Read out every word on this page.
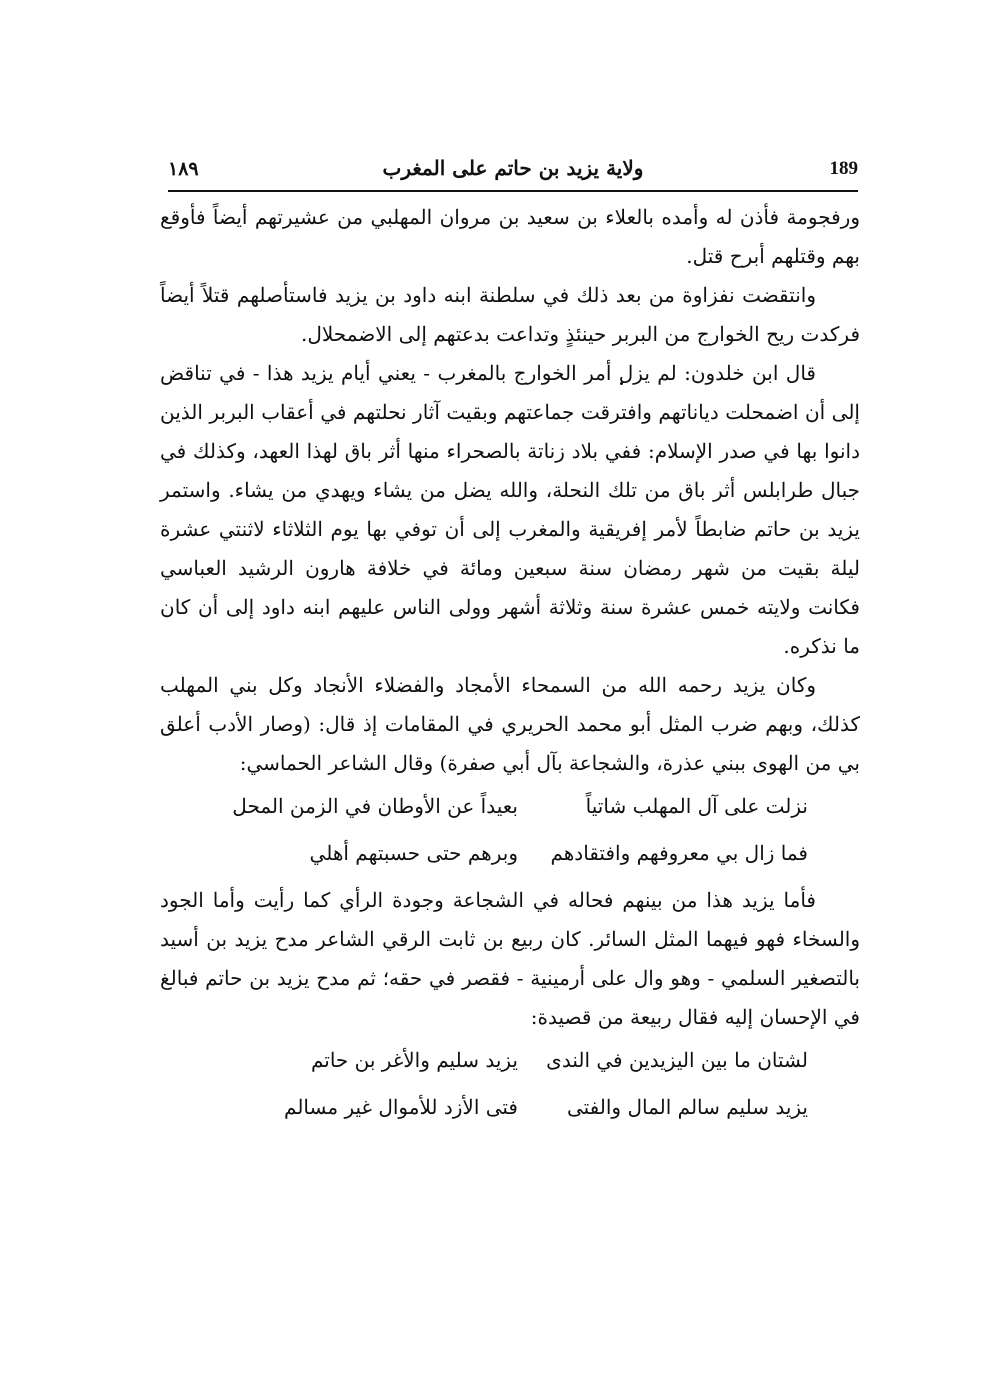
189
ولاية يزيد بن حاتم على المغرب
١٨٩

ورفجومة فأذن له وأمده بالعلاء بن سعيد بن مروان المهلبي من عشيرتهم أيضاً فأوقع بهم وقتلهم أبرح قتل.

وانتقضت نفزاوة من بعد ذلك في سلطنة ابنه داود بن يزيد فاستأصلهم قتلاً أيضاً فركدت ريح الخوارج من البربر حينئذٍ وتداعت بدعتهم إلى الاضمحلال.

قال ابن خلدون: لم يزل أمر الخوارج بالمغرب - يعني أيام يزيد هذا - في تناقض إلى أن اضمحلت دياناتهم وافترقت جماعتهم وبقيت آثار نحلتهم في أعقاب البربر الذين دانوا بها في صدر الإسلام: ففي بلاد زناتة بالصحراء منها أثر باق لهذا العهد، وكذلك في جبال طرابلس أثر باق من تلك النحلة، والله يضل من يشاء ويهدي من يشاء. واستمر يزيد بن حاتم ضابطاً لأمر إفريقية والمغرب إلى أن توفي بها يوم الثلاثاء لاثنتي عشرة ليلة بقيت من شهر رمضان سنة سبعين ومائة في خلافة هارون الرشيد العباسي فكانت ولايته خمس عشرة سنة وثلاثة أشهر وولى الناس عليهم ابنه داود إلى أن كان ما نذكره.

وكان يزيد رحمه الله من السمحاء الأمجاد والفضلاء الأنجاد وكل بني المهلب كذلك، وبهم ضرب المثل أبو محمد الحريري في المقامات إذ قال: (وصار الأدب أعلق بي من الهوى ببني عذرة، والشجاعة بآل أبي صفرة) وقال الشاعر الحماسي:

نزلت على آل المهلب شاتياً
بعيداً عن الأوطان في الزمن المحل
فما زال بي معروفهم وافتقادهم
وبرهم حتى حسبتهم أهلي

فأما يزيد هذا من بينهم فحاله في الشجاعة وجودة الرأي كما رأيت وأما الجود والسخاء فهو فيهما المثل السائر. كان ربيع بن ثابت الرقي الشاعر مدح يزيد بن أسيد بالتصغير السلمي - وهو وال على أرمينية - فقصر في حقه؛ ثم مدح يزيد بن حاتم فبالغ في الإحسان إليه فقال ربيعة من قصيدة:

لشتان ما بين اليزيدين في الندى
يزيد سليم والأغر بن حاتم
يزيد سليم سالم المال والفتى
فتى الأزد للأموال غير مسالم
